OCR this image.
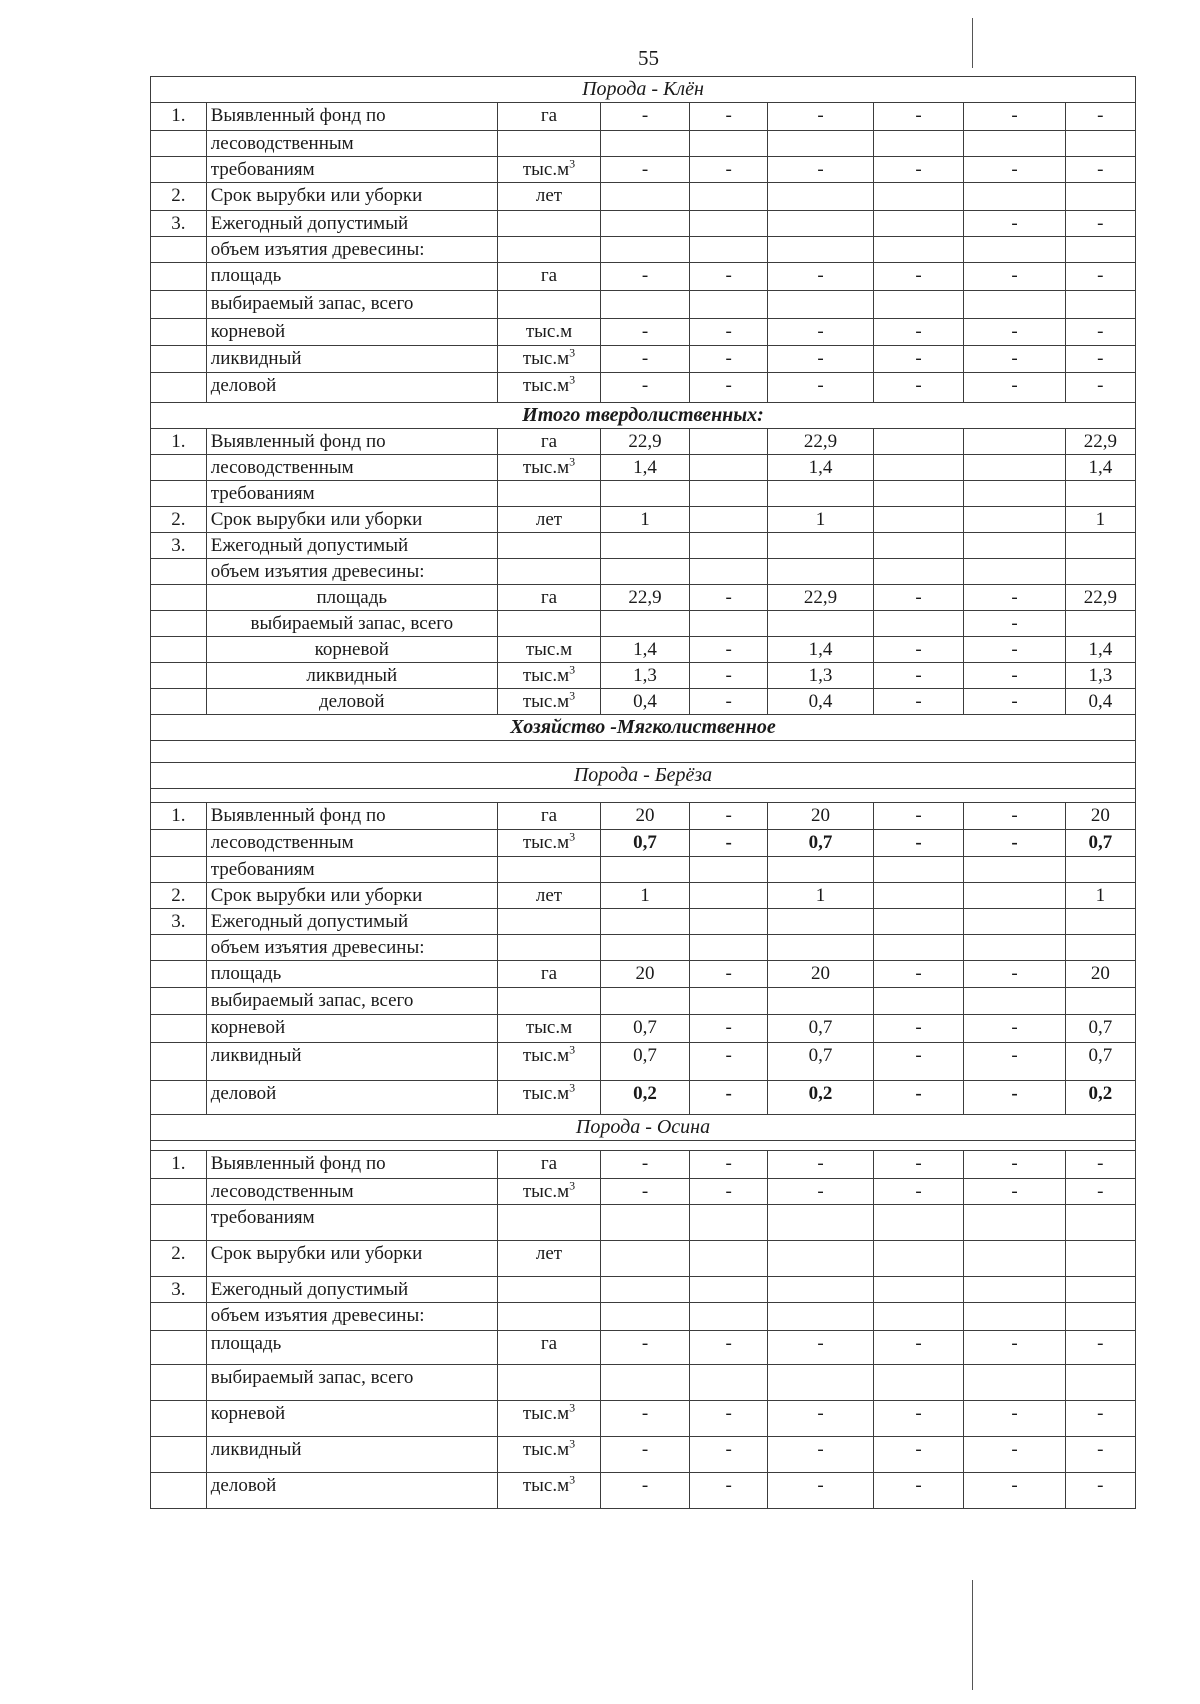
55
Порода - Клён								
1.	Выявленный фонд по	га	-	-	-	-	-	-
	лесоводственным							
	требованиям	$тыс.м^3$	-	-	-	-	-	-
2.	Срок вырубки или уборки	лет						
3.	Ежегодный допустимый						-	-
	объем изъятия древесины:							
	площадь	га	-	-	-	-	-	-
	выбираемый запас, всего							
	корневой	тыс.м	-	-	-	-	-	-
	ликвидный	$тыс.м^3$	-	-	-	-	-	-
	деловой	$тыс.м^3$	-	-	-	-	-	-
Итого твердолиственных:								
1.	Выявленный фонд по	га	22,9		22,9			22,9
	лесоводственным	$тыс.м^3$	1,4		1,4			1,4
	требованиям							
2.	Срок вырубки или уборки	лет	1		1			1
3.	Ежегодный допустимый							
	объем изъятия древесины:							
	площадь	га	22,9	-	22,9	-	-	22,9
	выбираемый запас, всего						-	
	корневой	тыс.м	1,4	-	1,4	-	-	1,4
	ликвидный	$тыс.м^3$	1,3	-	1,3	-	-	1,3
	деловой	$тыс.м^3$	0,4	-	0,4	-	-	0,4
Хозяйство -Мягколиственное								

Порода - Берёза								

1.	Выявленный фонд по	га	20	-	20	-	-	20
	лесоводственным	$тыс.м^3$	0,7	-	0,7	-	-	0,7
	требованиям							
2.	Срок вырубки или уборки	лет	1		1			1
3.	Ежегодный допустимый							
	объем изъятия древесины:							
	площадь	га	20	-	20	-	-	20
	выбираемый запас, всего							
	корневой	тыс.м	0,7	-	0,7	-	-	0,7
	ликвидный	$тыс.м^3$	0,7	-	0,7	-	-	0,7
	деловой	$тыс.м^3$	0,2	-	0,2	-	-	0,2
Порода - Осина								

1.	Выявленный фонд по	га	-	-	-	-	-	-
	лесоводственным	$тыс.м^3$	-	-	-	-	-	-
	требованиям							
2.	Срок вырубки или уборки	лет						
3.	Ежегодный допустимый							
	объем изъятия древесины:							
	площадь	га	-	-	-	-	-	-
	выбираемый запас, всего							
	корневой	$тыс.м^3$	-	-	-	-	-	-
	ликвидный	$тыс.м^3$	-	-	-	-	-	-
	деловой	$тыс.м^3$	-	-	-	-	-	-
